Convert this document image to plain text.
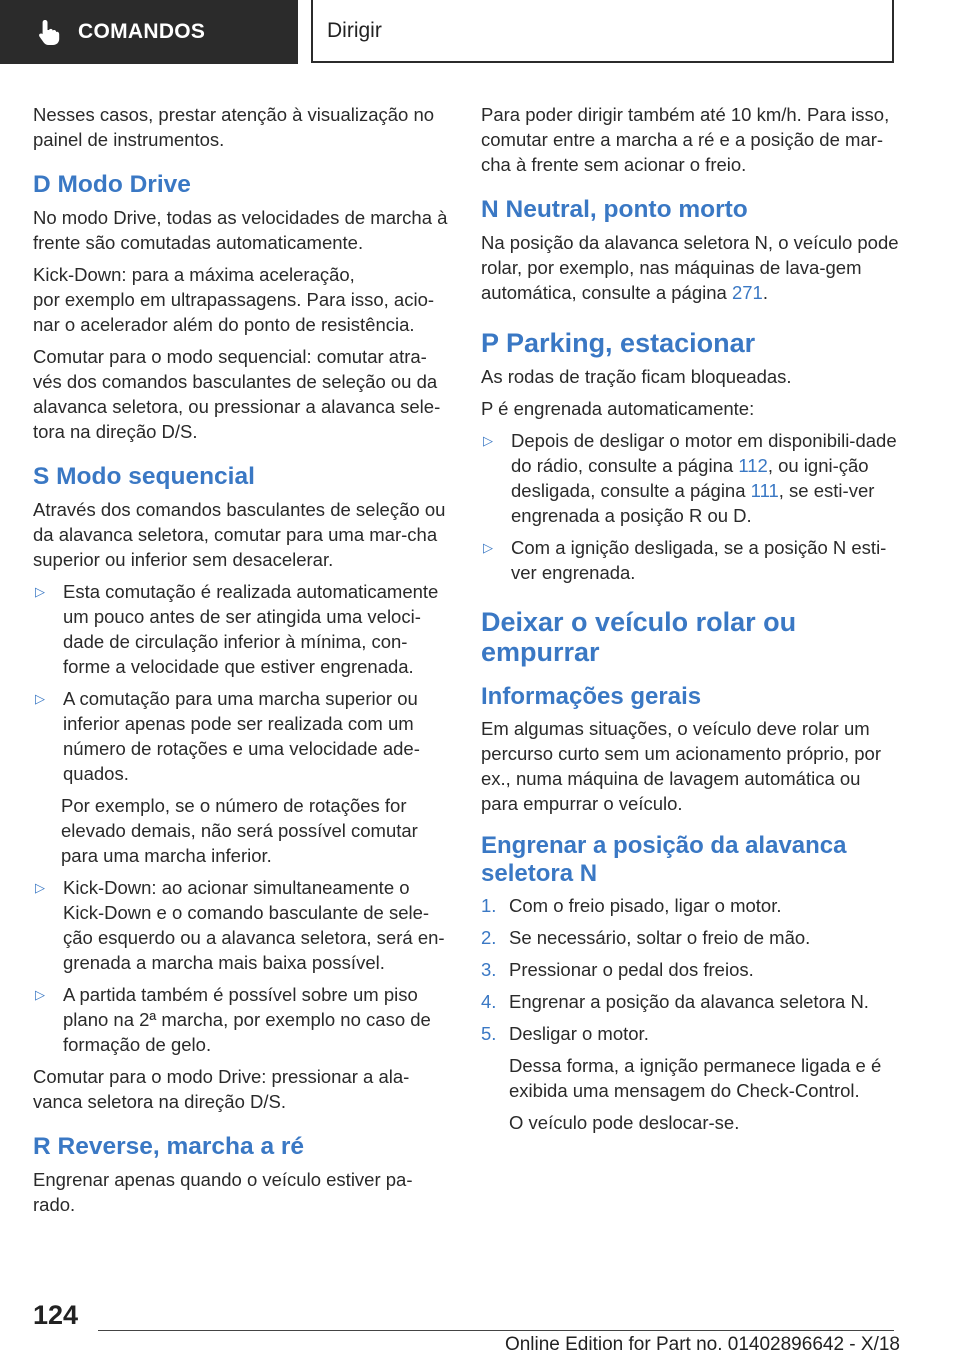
COMANDOS	Dirigir

Nesses casos, prestar atenção à visualização no painel de instrumentos.

D Modo Drive

No modo Drive, todas as velocidades de marcha à frente são comutadas automaticamente.

Kick-Down: para a máxima aceleração,
por exemplo em ultrapassagens. Para isso, acio-nar o acelerador além do ponto de resistência.

Comutar para o modo sequencial: comutar atra-vés dos comandos basculantes de seleção ou da alavanca seletora, ou pressionar a alavanca sele-tora na direção D/S.

S Modo sequencial

Através dos comandos basculantes de seleção ou da alavanca seletora, comutar para uma mar-cha superior ou inferior sem desacelerar.

▷ Esta comutação é realizada automaticamente um pouco antes de ser atingida uma veloci-dade de circulação inferior à mínima, con-forme a velocidade que estiver engrenada.
▷ A comutação para uma marcha superior ou inferior apenas pode ser realizada com um número de rotações e uma velocidade ade-quados.

Por exemplo, se o número de rotações for elevado demais, não será possível comutar para uma marcha inferior.

▷ Kick-Down: ao acionar simultaneamente o Kick-Down e o comando basculante de sele-ção esquerdo ou a alavanca seletora, será en-grenada a marcha mais baixa possível.
▷ A partida também é possível sobre um piso plano na 2ª marcha, por exemplo no caso de formação de gelo.

Comutar para o modo Drive: pressionar a ala-vanca seletora na direção D/S.

R Reverse, marcha a ré

Engrenar apenas quando o veículo estiver pa-rado.

Para poder dirigir também até 10 km/h. Para isso, comutar entre a marcha a ré e a posição de mar-cha à frente sem acionar o freio.

N Neutral, ponto morto

Na posição da alavanca seletora N, o veículo pode rolar, por exemplo, nas máquinas de lava-gem automática, consulte a página 271.

P Parking, estacionar

As rodas de tração ficam bloqueadas.

P é engrenada automaticamente:

▷ Depois de desligar o motor em disponibili-dade do rádio, consulte a página 112, ou igni-ção desligada, consulte a página 111, se esti-ver engrenada a posição R ou D.
▷ Com a ignição desligada, se a posição N esti-ver engrenada.
Deixar o veículo rolar ou empurrar
Informações gerais

Em algumas situações, o veículo deve rolar um percurso curto sem um acionamento próprio, por ex., numa máquina de lavagem automática ou para empurrar o veículo.

Engrenar a posição da alavanca seletora N
1. Com o freio pisado, ligar o motor.
2. Se necessário, soltar o freio de mão.
3. Pressionar o pedal dos freios.
4. Engrenar a posição da alavanca seletora N.
5. Desligar o motor.

Dessa forma, a ignição permanece ligada e é exibida uma mensagem do Check-Control.

O veículo pode deslocar-se.

124
Online Edition for Part no. 01402896642 - X/18
